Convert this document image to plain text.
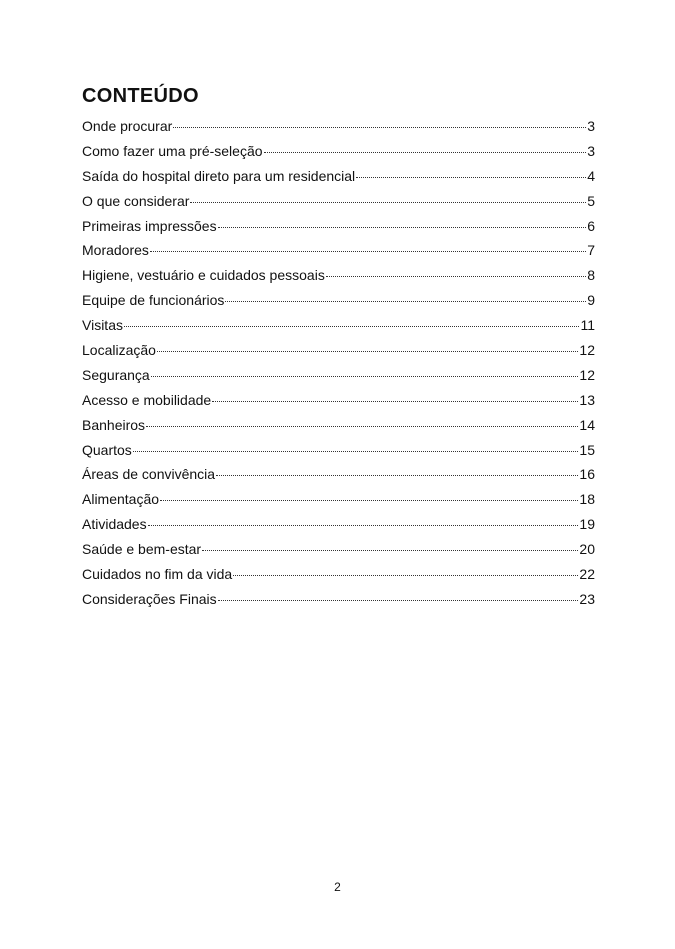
CONTEÚDO
Onde procurar	3
Como fazer uma pré-seleção	3
Saída do hospital direto para um residencial	4
O que considerar	5
Primeiras impressões	6
Moradores	7
Higiene, vestuário e cuidados pessoais	8
Equipe de funcionários	9
Visitas	11
Localização	12
Segurança	12
Acesso e mobilidade	13
Banheiros	14
Quartos	15
Áreas de convivência	16
Alimentação	18
Atividades	19
Saúde e bem-estar	20
Cuidados no fim da vida	22
Considerações Finais	23
2
